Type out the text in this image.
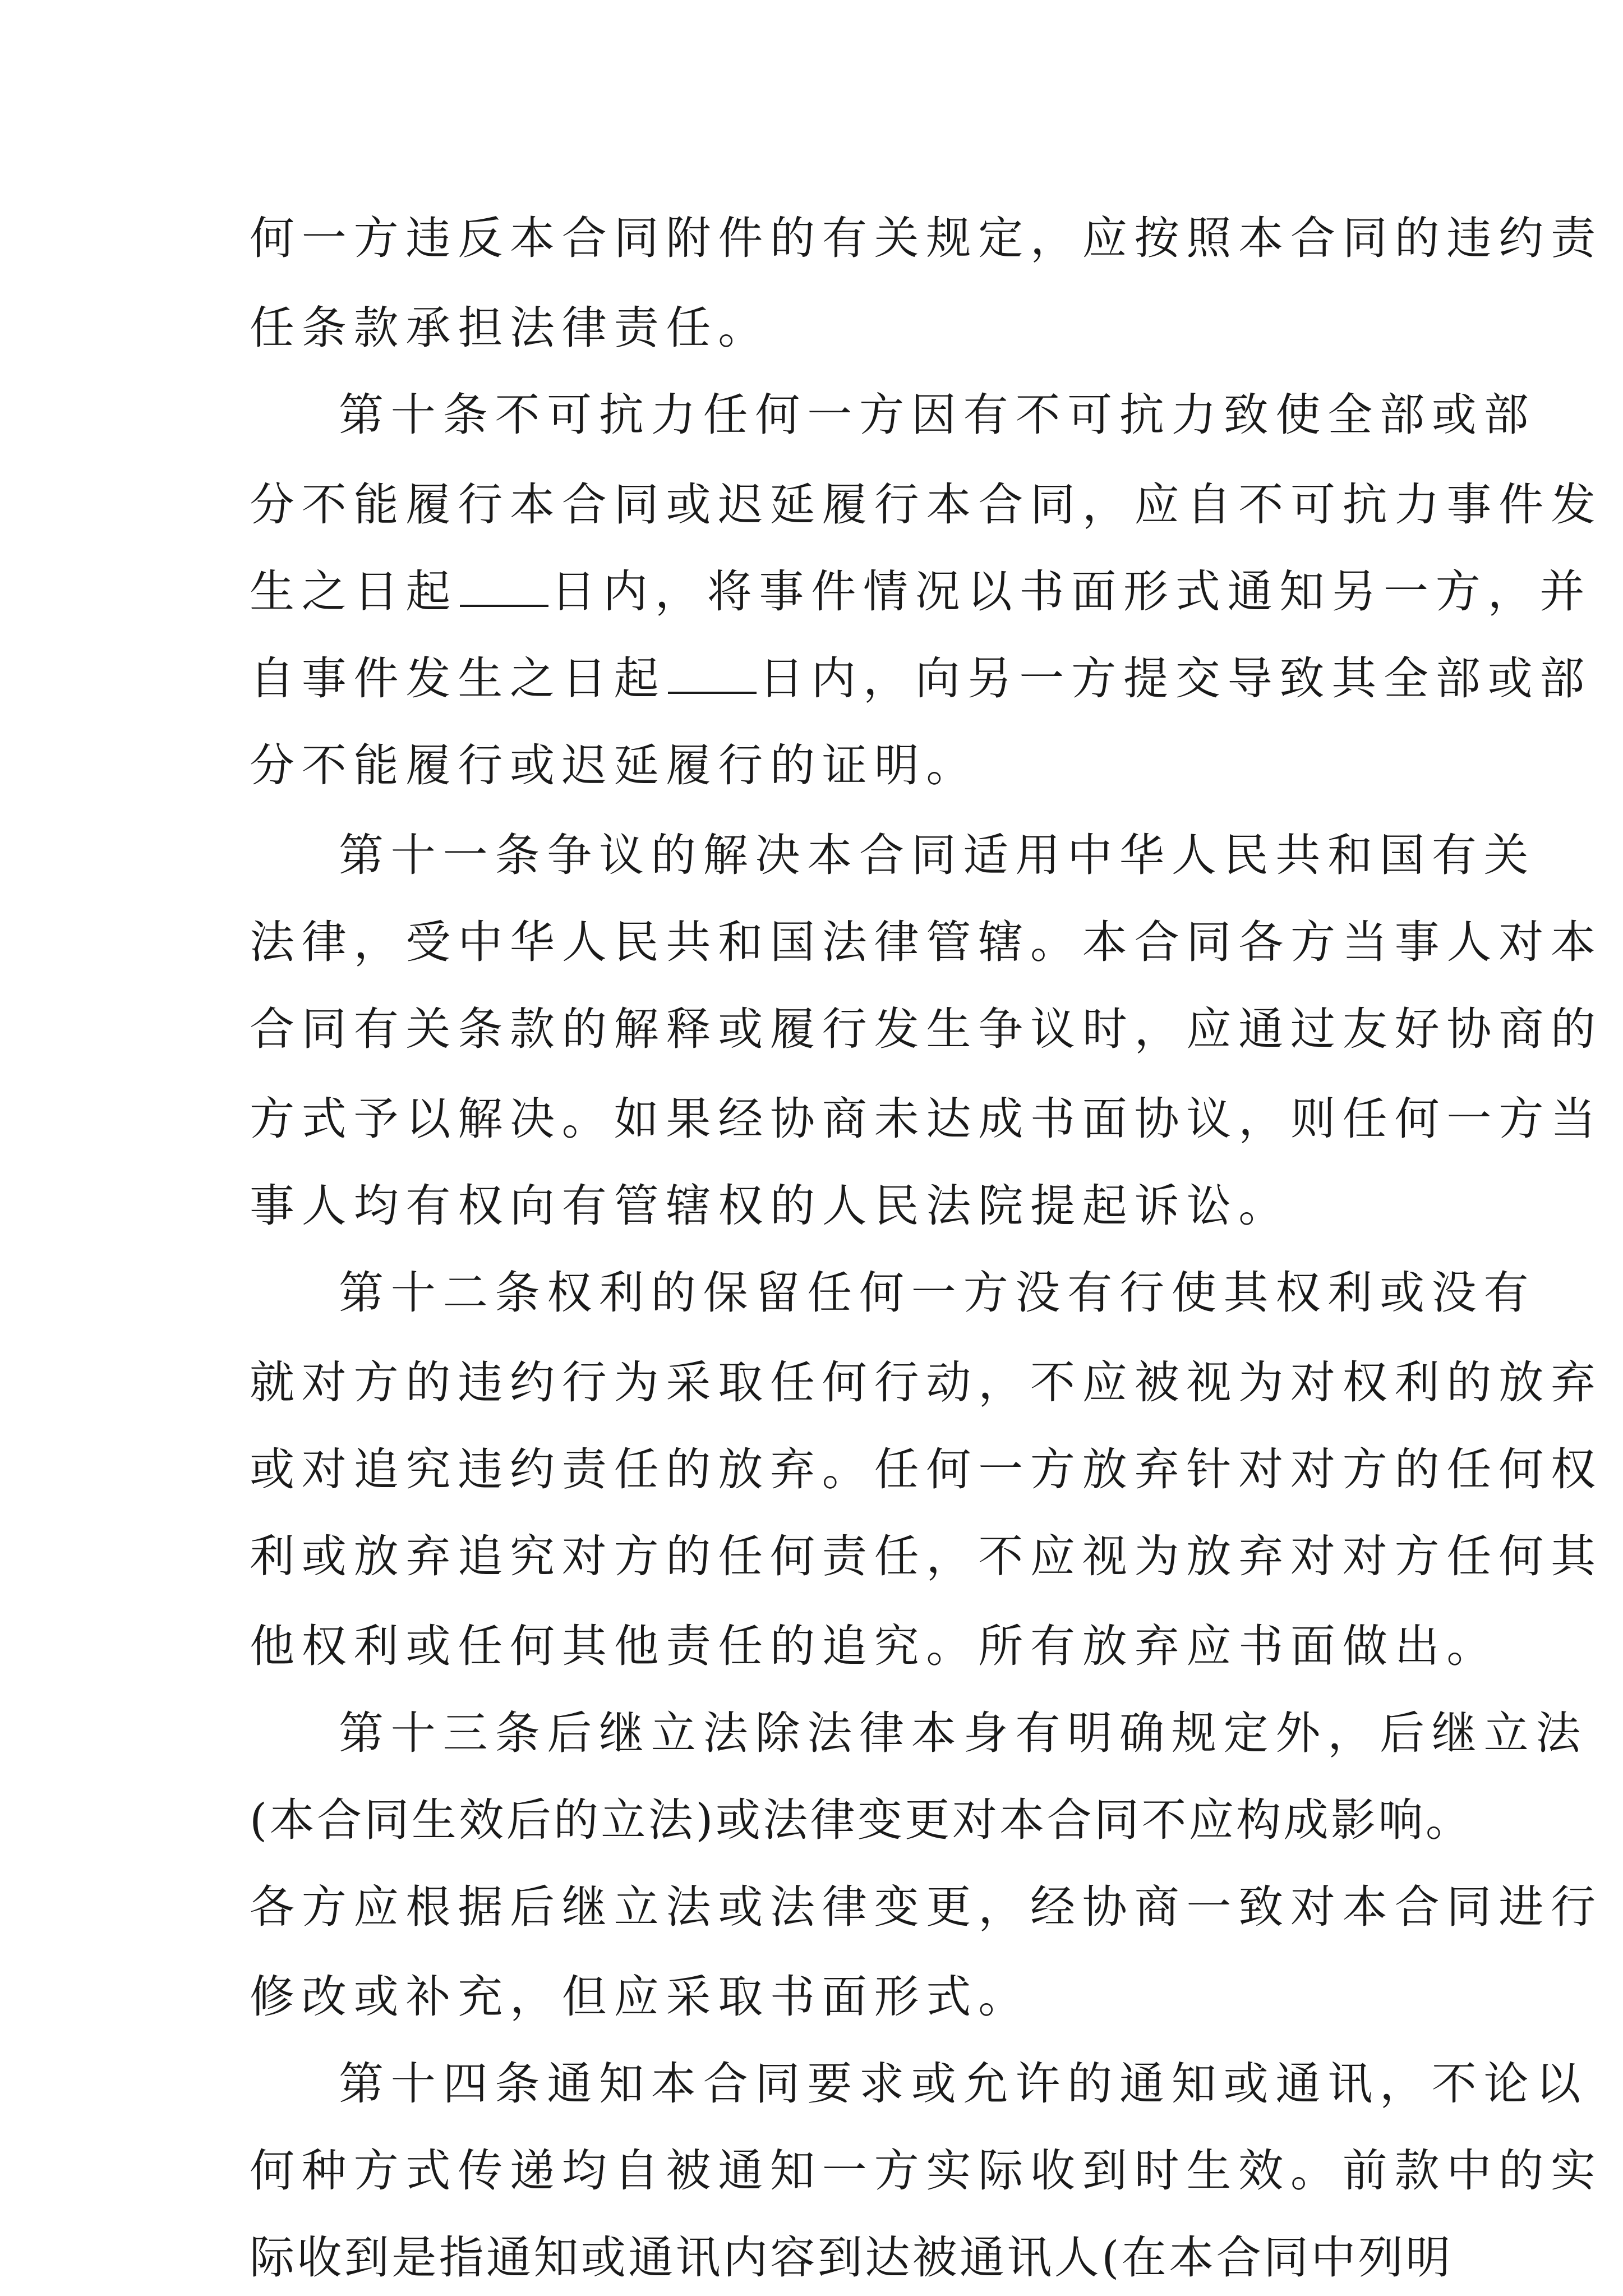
何一方违反本合同附件的有关规定，应按照本合同的违约责
任条款承担法律责任。
第十条不可抗力任何一方因有不可抗力致使全部或部
分不能履行本合同或迟延履行本合同，应自不可抗力事件发
生之日起 日内，将事件情况以书面形式通知另一方，并
自事件发生之日起 日内，向另一方提交导致其全部或部
分不能履行或迟延履行的证明。
第十一条争议的解决本合同适用中华人民共和国有关
法律，受中华人民共和国法律管辖。本合同各方当事人对本
合同有关条款的解释或履行发生争议时，应通过友好协商的
方式予以解决。如果经协商未达成书面协议，则任何一方当
事人均有权向有管辖权的人民法院提起诉讼。
第十二条权利的保留任何一方没有行使其权利或没有
就对方的违约行为采取任何行动，不应被视为对权利的放弃
或对追究违约责任的放弃。任何一方放弃针对对方的任何权
利或放弃追究对方的任何责任，不应视为放弃对对方任何其
他权利或任何其他责任的追究。所有放弃应书面做出。
第十三条后继立法除法律本身有明确规定外，后继立法
(本合同生效后的立法)或法律变更对本合同不应构成影响。
各方应根据后继立法或法律变更，经协商一致对本合同进行
修改或补充，但应采取书面形式。
第十四条通知本合同要求或允许的通知或通讯，不论以
何种方式传递均自被通知一方实际收到时生效。前款中的实
际收到是指通知或通讯内容到达被通讯人(在本合同中列明
